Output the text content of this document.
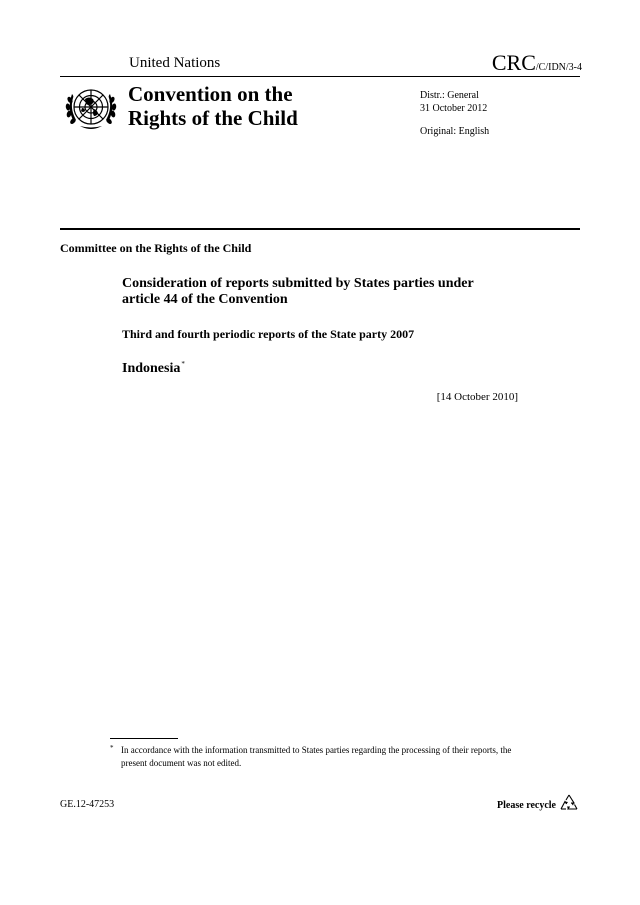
United Nations	CRC/C/IDN/3-4
Convention on the
Rights of the Child
Distr.: General
31 October 2012
Original: English
Committee on the Rights of the Child
Consideration of reports submitted by States parties under
article 44 of the Convention
Third and fourth periodic reports of the State party 2007
Indonesia*
[14 October 2010]
* In accordance with the information transmitted to States parties regarding the processing of their reports, the present document was not edited.
GE.12-47253	Please recycle
